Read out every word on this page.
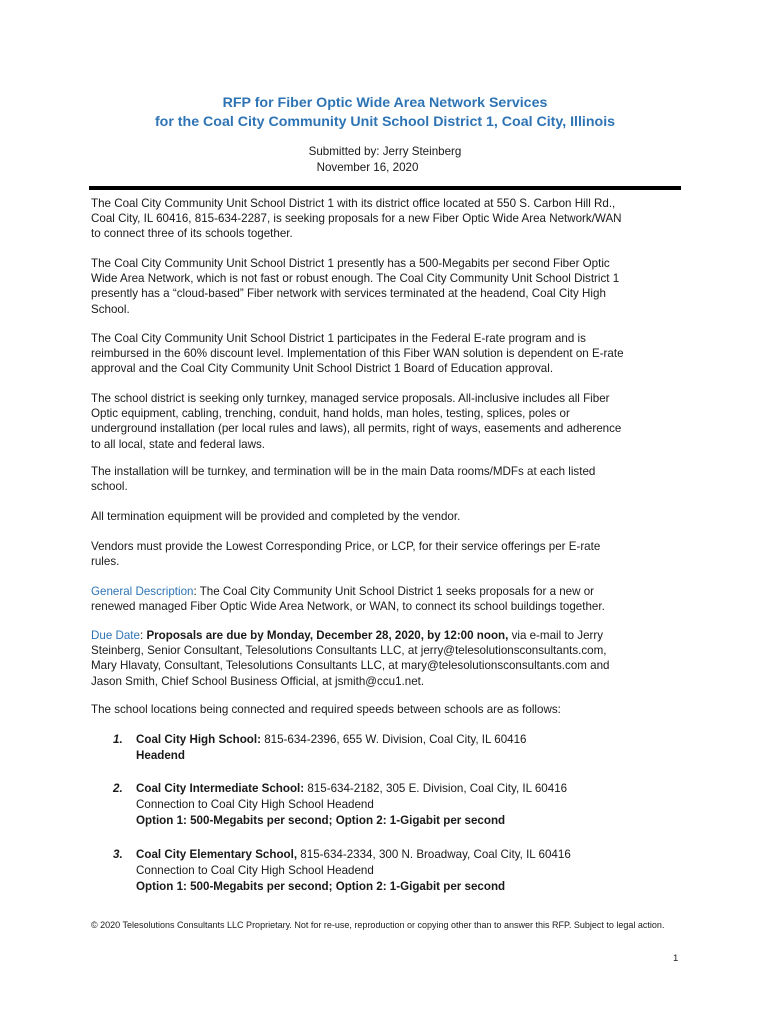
RFP for Fiber Optic Wide Area Network Services
for the Coal City Community Unit School District 1, Coal City, Illinois
Submitted by: Jerry Steinberg
November 16, 2020
The Coal City Community Unit School District 1 with its district office located at 550 S. Carbon Hill Rd.,
Coal City, IL 60416, 815-634-2287, is seeking proposals for a new Fiber Optic Wide Area Network/WAN
to connect three of its schools together.
The Coal City Community Unit School District 1 presently has a 500-Megabits per second Fiber Optic
Wide Area Network, which is not fast or robust enough. The Coal City Community Unit School District 1
presently has a “cloud-based” Fiber network with services terminated at the headend, Coal City High
School.
The Coal City Community Unit School District 1 participates in the Federal E-rate program and is
reimbursed in the 60% discount level. Implementation of this Fiber WAN solution is dependent on E-rate
approval and the Coal City Community Unit School District 1 Board of Education approval.
The school district is seeking only turnkey, managed service proposals. All-inclusive includes all Fiber
Optic equipment, cabling, trenching, conduit, hand holds, man holes, testing, splices, poles or
underground installation (per local rules and laws), all permits, right of ways, easements and adherence
to all local, state and federal laws.
The installation will be turnkey, and termination will be in the main Data rooms/MDFs at each listed
school.
All termination equipment will be provided and completed by the vendor.
Vendors must provide the Lowest Corresponding Price, or LCP, for their service offerings per E-rate
rules.
General Description: The Coal City Community Unit School District 1 seeks proposals for a new or
renewed managed Fiber Optic Wide Area Network, or WAN, to connect its school buildings together.
Due Date: Proposals are due by Monday, December 28, 2020, by 12:00 noon, via e-mail to Jerry
Steinberg, Senior Consultant, Telesolutions Consultants LLC, at jerry@telesolutionsconsultants.com,
Mary Hlavaty, Consultant, Telesolutions Consultants LLC, at mary@telesolutionsconsultants.com and
Jason Smith, Chief School Business Official, at jsmith@ccu1.net.
The school locations being connected and required speeds between schools are as follows:
1. Coal City High School: 815-634-2396, 655 W. Division, Coal City, IL 60416
Headend
2. Coal City Intermediate School: 815-634-2182, 305 E. Division, Coal City, IL 60416
Connection to Coal City High School Headend
Option 1: 500-Megabits per second; Option 2: 1-Gigabit per second
3. Coal City Elementary School, 815-634-2334, 300 N. Broadway, Coal City, IL 60416
Connection to Coal City High School Headend
Option 1: 500-Megabits per second; Option 2: 1-Gigabit per second
© 2020 Telesolutions Consultants LLC Proprietary. Not for re-use, reproduction or copying other than to answer this RFP. Subject to legal action.
1
